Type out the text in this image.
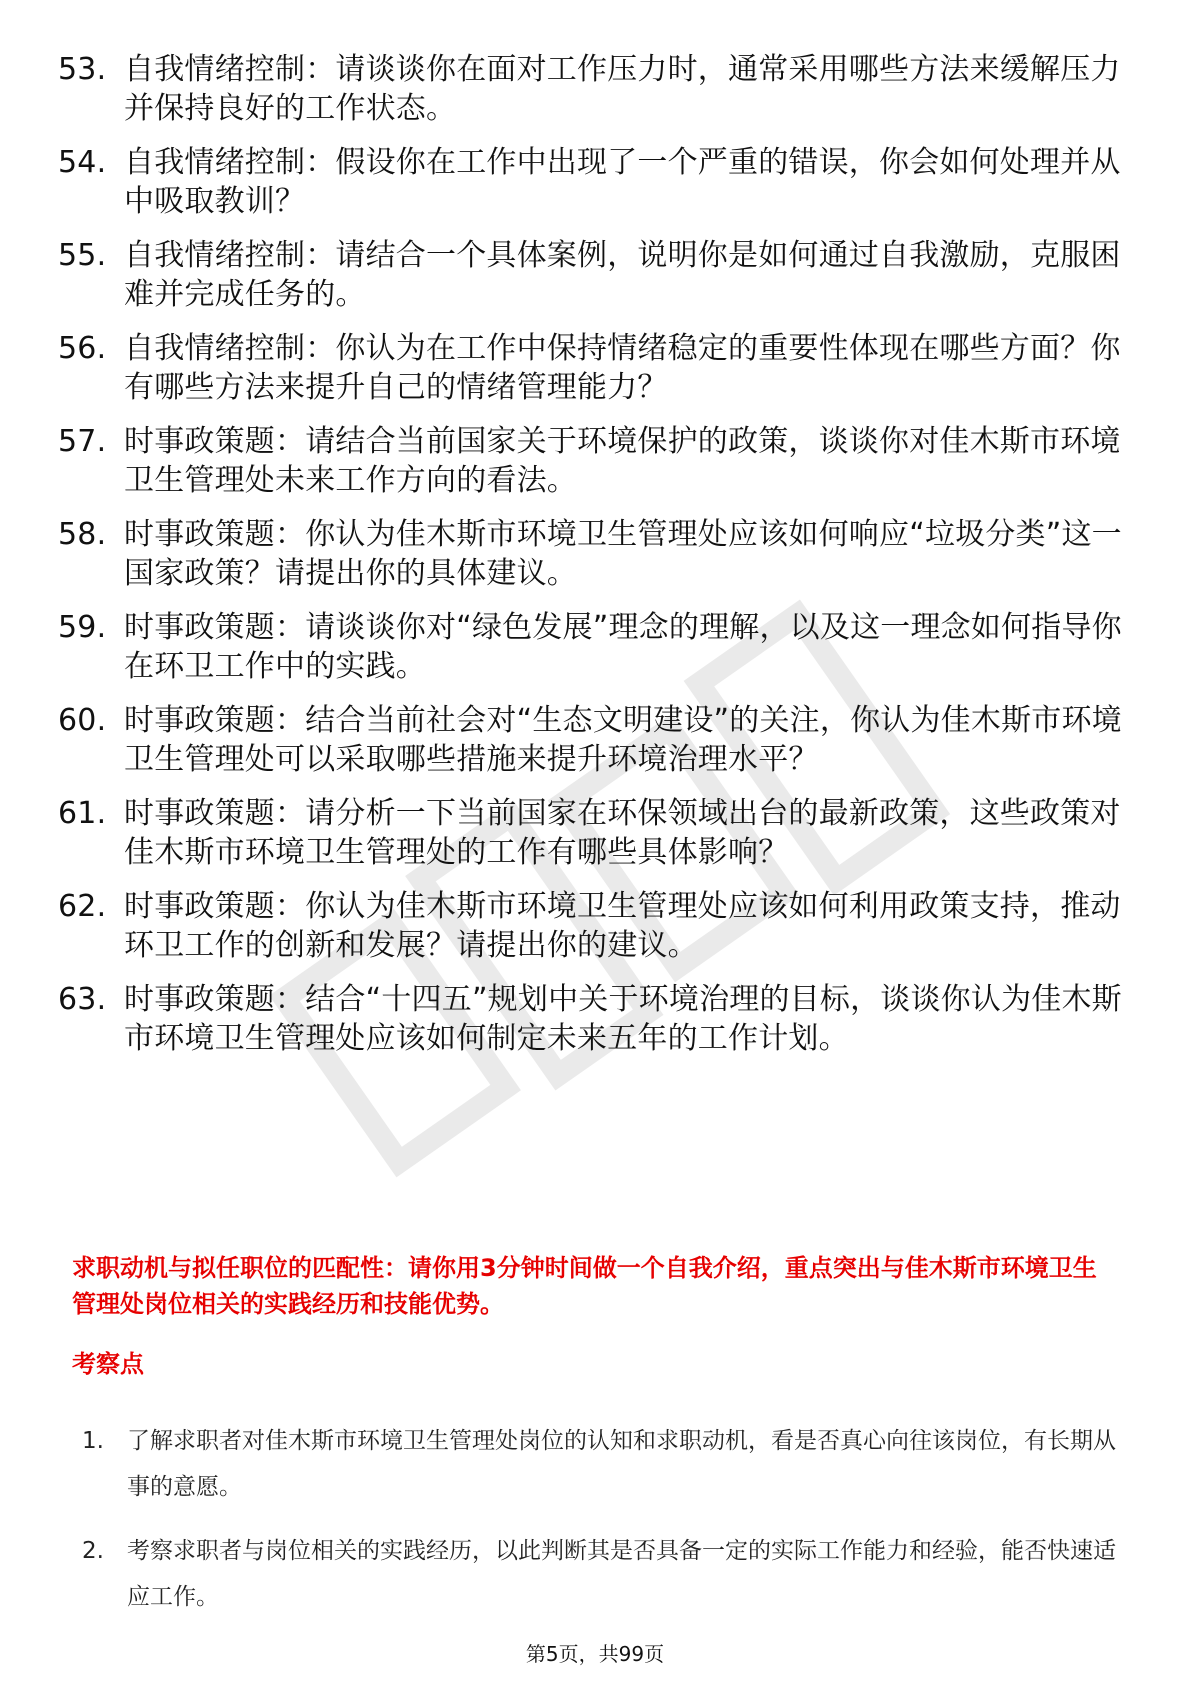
53. 自我情绪控制：请谈谈你在面对工作压力时，通常采用哪些方法来缓解压力并保持良好的工作状态。
54. 自我情绪控制：假设你在工作中出现了一个严重的错误，你会如何处理并从中吸取教训？
55. 自我情绪控制：请结合一个具体案例，说明你是如何通过自我激励，克服困难并完成任务的。
56. 自我情绪控制：你认为在工作中保持情绪稳定的重要性体现在哪些方面？你有哪些方法来提升自己的情绪管理能力？
57. 时事政策题：请结合当前国家关于环境保护的政策，谈谈你对佳木斯市环境卫生管理处未来工作方向的看法。
58. 时事政策题：你认为佳木斯市环境卫生管理处应该如何响应“垃圾分类”这一国家政策？请提出你的具体建议。
59. 时事政策题：请谈谈你对“绿色发展”理念的理解，以及这一理念如何指导你在环卫工作中的实践。
60. 时事政策题：结合当前社会对“生态文明建设”的关注，你认为佳木斯市环境卫生管理处可以采取哪些措施来提升环境治理水平？
61. 时事政策题：请分析一下当前国家在环保领域出台的最新政策，这些政策对佳木斯市环境卫生管理处的工作有哪些具体影响？
62. 时事政策题：你认为佳木斯市环境卫生管理处应该如何利用政策支持，推动环卫工作的创新和发展？请提出你的建议。
63. 时事政策题：结合“十四五”规划中关于环境治理的目标，谈谈你认为佳木斯市环境卫生管理处应该如何制定未来五年的工作计划。

求职动机与拟任职位的匹配性：请你用3分钟时间做一个自我介绍，重点突出与佳木斯市环境卫生管理处岗位相关的实践经历和技能优势。

考察点
1.	了解求职者对佳木斯市环境卫生管理处岗位的认知和求职动机，看是否真心向往该岗位，有长期从事的意愿。
2.	考察求职者与岗位相关的实践经历，以此判断其是否具备一定的实际工作能力和经验，能否快速适应工作。

第5页，共99页
